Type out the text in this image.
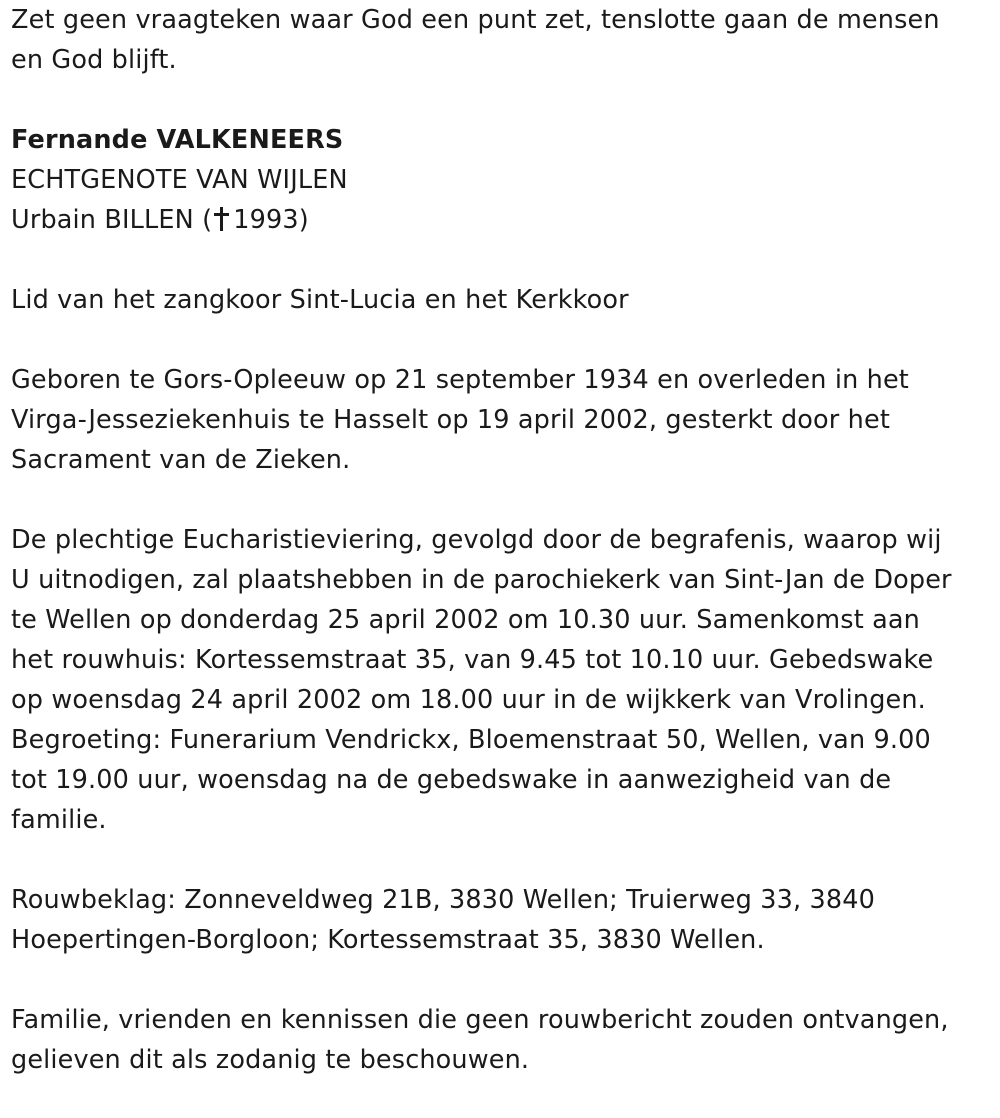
Zet geen vraagteken waar God een punt zet, tenslotte gaan de mensen
en God blijft.
Fernande VALKENEERS
ECHTGENOTE VAN WIJLEN
Urbain BILLEN ( 1993)
Lid van het zangkoor Sint-Lucia en het Kerkkoor
Geboren te Gors-Opleeuw op 21 september 1934 en overleden in het
Virga-Jesseziekenhuis te Hasselt op 19 april 2002, gesterkt door het
Sacrament van de Zieken.
De plechtige Eucharistieviering, gevolgd door de begrafenis, waarop wij
U uitnodigen, zal plaatshebben in de parochiekerk van Sint-Jan de Doper
te Wellen op donderdag 25 april 2002 om 10.30 uur. Samenkomst aan
het rouwhuis: Kortessemstraat 35, van 9.45 tot 10.10 uur. Gebedswake
op woensdag 24 april 2002 om 18.00 uur in de wijkkerk van Vrolingen.
Begroeting: Funerarium Vendrickx, Bloemenstraat 50, Wellen, van 9.00
tot 19.00 uur, woensdag na de gebedswake in aanwezigheid van de
familie.
Rouwbeklag: Zonneveldweg 21B, 3830 Wellen; Truierweg 33, 3840
Hoepertingen-Borgloon; Kortessemstraat 35, 3830 Wellen.
Familie, vrienden en kennissen die geen rouwbericht zouden ontvangen,
gelieven dit als zodanig te beschouwen.
